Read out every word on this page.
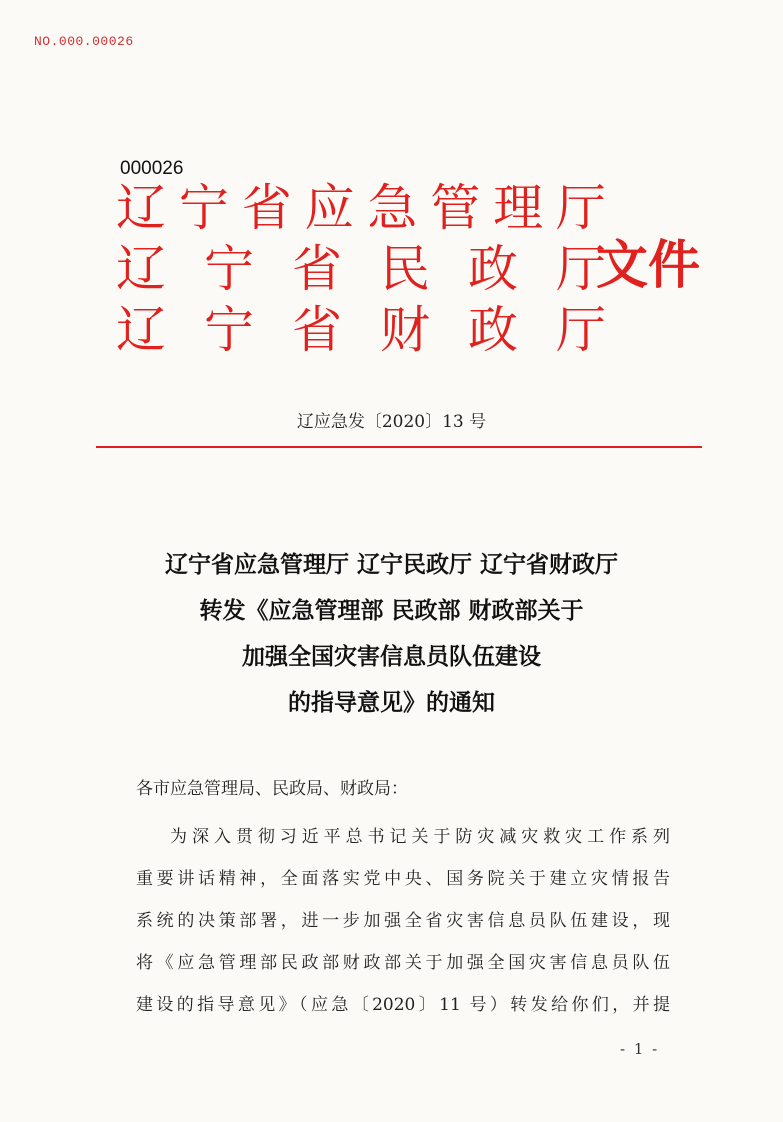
NO.000.00026
000026
辽 宁 省 应 急 管 理 厅
辽 宁 省 民 政 厅
辽 宁 省 财 政 厅
文件
辽应急发〔2020〕13 号
辽宁省应急管理厅 辽宁民政厅 辽宁省财政厅
转发《应急管理部 民政部 财政部关于
加强全国灾害信息员队伍建设
的指导意见》的通知
各市应急管理局、民政局、财政局：
为深入贯彻习近平总书记关于防灾减灾救灾工作系列
重要讲话精神，全面落实党中央、国务院关于建立灾情报告
系统的决策部署，进一步加强全省灾害信息员队伍建设，现
将《应急管理部民政部财政部关于加强全国灾害信息员队伍
建设的指导意见》（应急〔2020〕11 号）转发给你们，并提
- 1 -
